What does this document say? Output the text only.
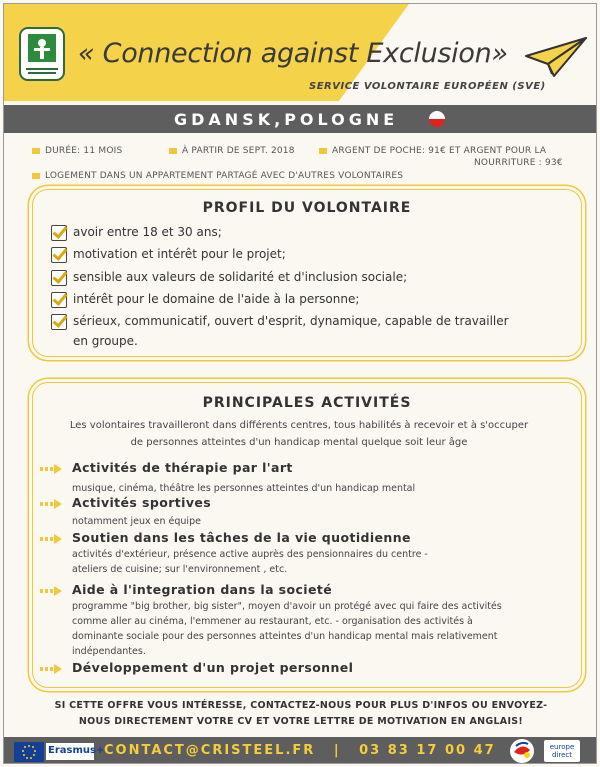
« Connection against Exclusion»
SERVICE VOLONTAIRE EUROPÉEN (SVE)
GDANSK,POLOGNE
DURÉE: 11 MOIS	À PARTIR DE SEPT. 2018	ARGENT DE POCHE: 91€ ET ARGENT POUR LA
NOURRITURE : 93€
LOGEMENT DANS UN APPARTEMENT PARTAGÉ AVEC D'AUTRES VOLONTAIRES
PROFIL DU VOLONTAIRE
avoir entre 18 et 30 ans;
motivation et intérêt pour le projet;
sensible aux valeurs de solidarité et d'inclusion sociale;
intérêt pour le domaine de l'aide à la personne;
sérieux, communicatif, ouvert d'esprit, dynamique, capable de travailler
en groupe.
PRINCIPALES ACTIVITÉS
Les volontaires travailleront dans différents centres, tous habilités à recevoir et à s'occuper
de personnes atteintes d'un handicap mental quelque soit leur âge
Activités de thérapie par l'art
musique, cinéma, théâtre les personnes atteintes d'un handicap mental
Activités sportives
notamment jeux en équipe
Soutien dans les tâches de la vie quotidienne
activités d'extérieur, présence active auprès des pensionnaires du centre -
ateliers de cuisine; sur l'environnement , etc.
Aide à l'integration dans la societé
programme "big brother, big sister", moyen d'avoir un protégé avec qui faire des activités
comme aller au cinéma, l'emmener au restaurant, etc. - organisation des activités à
dominante sociale pour des personnes atteintes d'un handicap mental mais relativement
indépendantes.
Développement d'un projet personnel
SI CETTE OFFRE VOUS INTÉRESSE, CONTACTEZ-NOUS POUR PLUS D'INFOS OU ENVOYEZ-
NOUS DIRECTEMENT VOTRE CV ET VOTRE LETTRE DE MOTIVATION EN ANGLAIS!
Erasmus+ CONTACT@CRISTEEL.FR | 03 83 17 00 47	europe
direct
